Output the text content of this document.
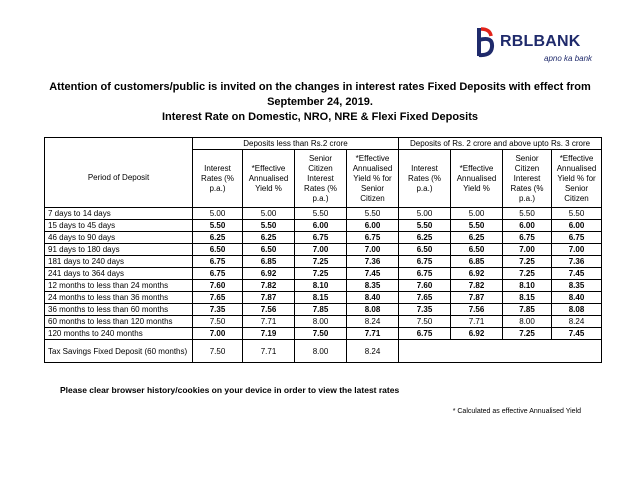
RBLBANK
apno ka bank
Attention of customers/public is invited on the changes in interest rates Fixed Deposits with effect from
September 24, 2019.
Interest Rate on Domestic, NRO, NRE & Flexi Fixed Deposits
	Deposits less than Rs.2 crore				Deposits of Rs. 2 crore and above upto Rs. 3 crore			
Period of Deposit	Interest Rates (% p.a.)	*Effective Annualised Yield %	Senior Citizen Interest Rates (% p.a.)	*Effective Annualised Yield % for Senior Citizen	Interest Rates (% p.a.)	*Effective Annualised Yield %	Senior Citizen Interest Rates (% p.a.)	*Effective Annualised Yield % for Senior Citizen
7 days to 14 days	5.00	5.00	5.50	5.50	5.00	5.00	5.50	5.50
15 days to 45 days	5.50	5.50	6.00	6.00	5.50	5.50	6.00	6.00
46 days to 90 days	6.25	6.25	6.75	6.75	6.25	6.25	6.75	6.75
91 days to 180 days	6.50	6.50	7.00	7.00	6.50	6.50	7.00	7.00
181 days to 240 days	6.75	6.85	7.25	7.36	6.75	6.85	7.25	7.36
241 days to 364 days	6.75	6.92	7.25	7.45	6.75	6.92	7.25	7.45
12 months to less than 24 months	7.60	7.82	8.10	8.35	7.60	7.82	8.10	8.35
24 months to less than 36 months	7.65	7.87	8.15	8.40	7.65	7.87	8.15	8.40
36 months to less than 60 months	7.35	7.56	7.85	8.08	7.35	7.56	7.85	8.08
60 months to less than 120 months	7.50	7.71	8.00	8.24	7.50	7.71	8.00	8.24
120 months to 240 months	7.00	7.19	7.50	7.71	6.75	6.92	7.25	7.45
Tax Savings Fixed Deposit (60 months)	7.50	7.71	8.00	8.24				
Please clear browser history/cookies on your device in order to view the latest rates
* Calculated as effective Annualised Yield
